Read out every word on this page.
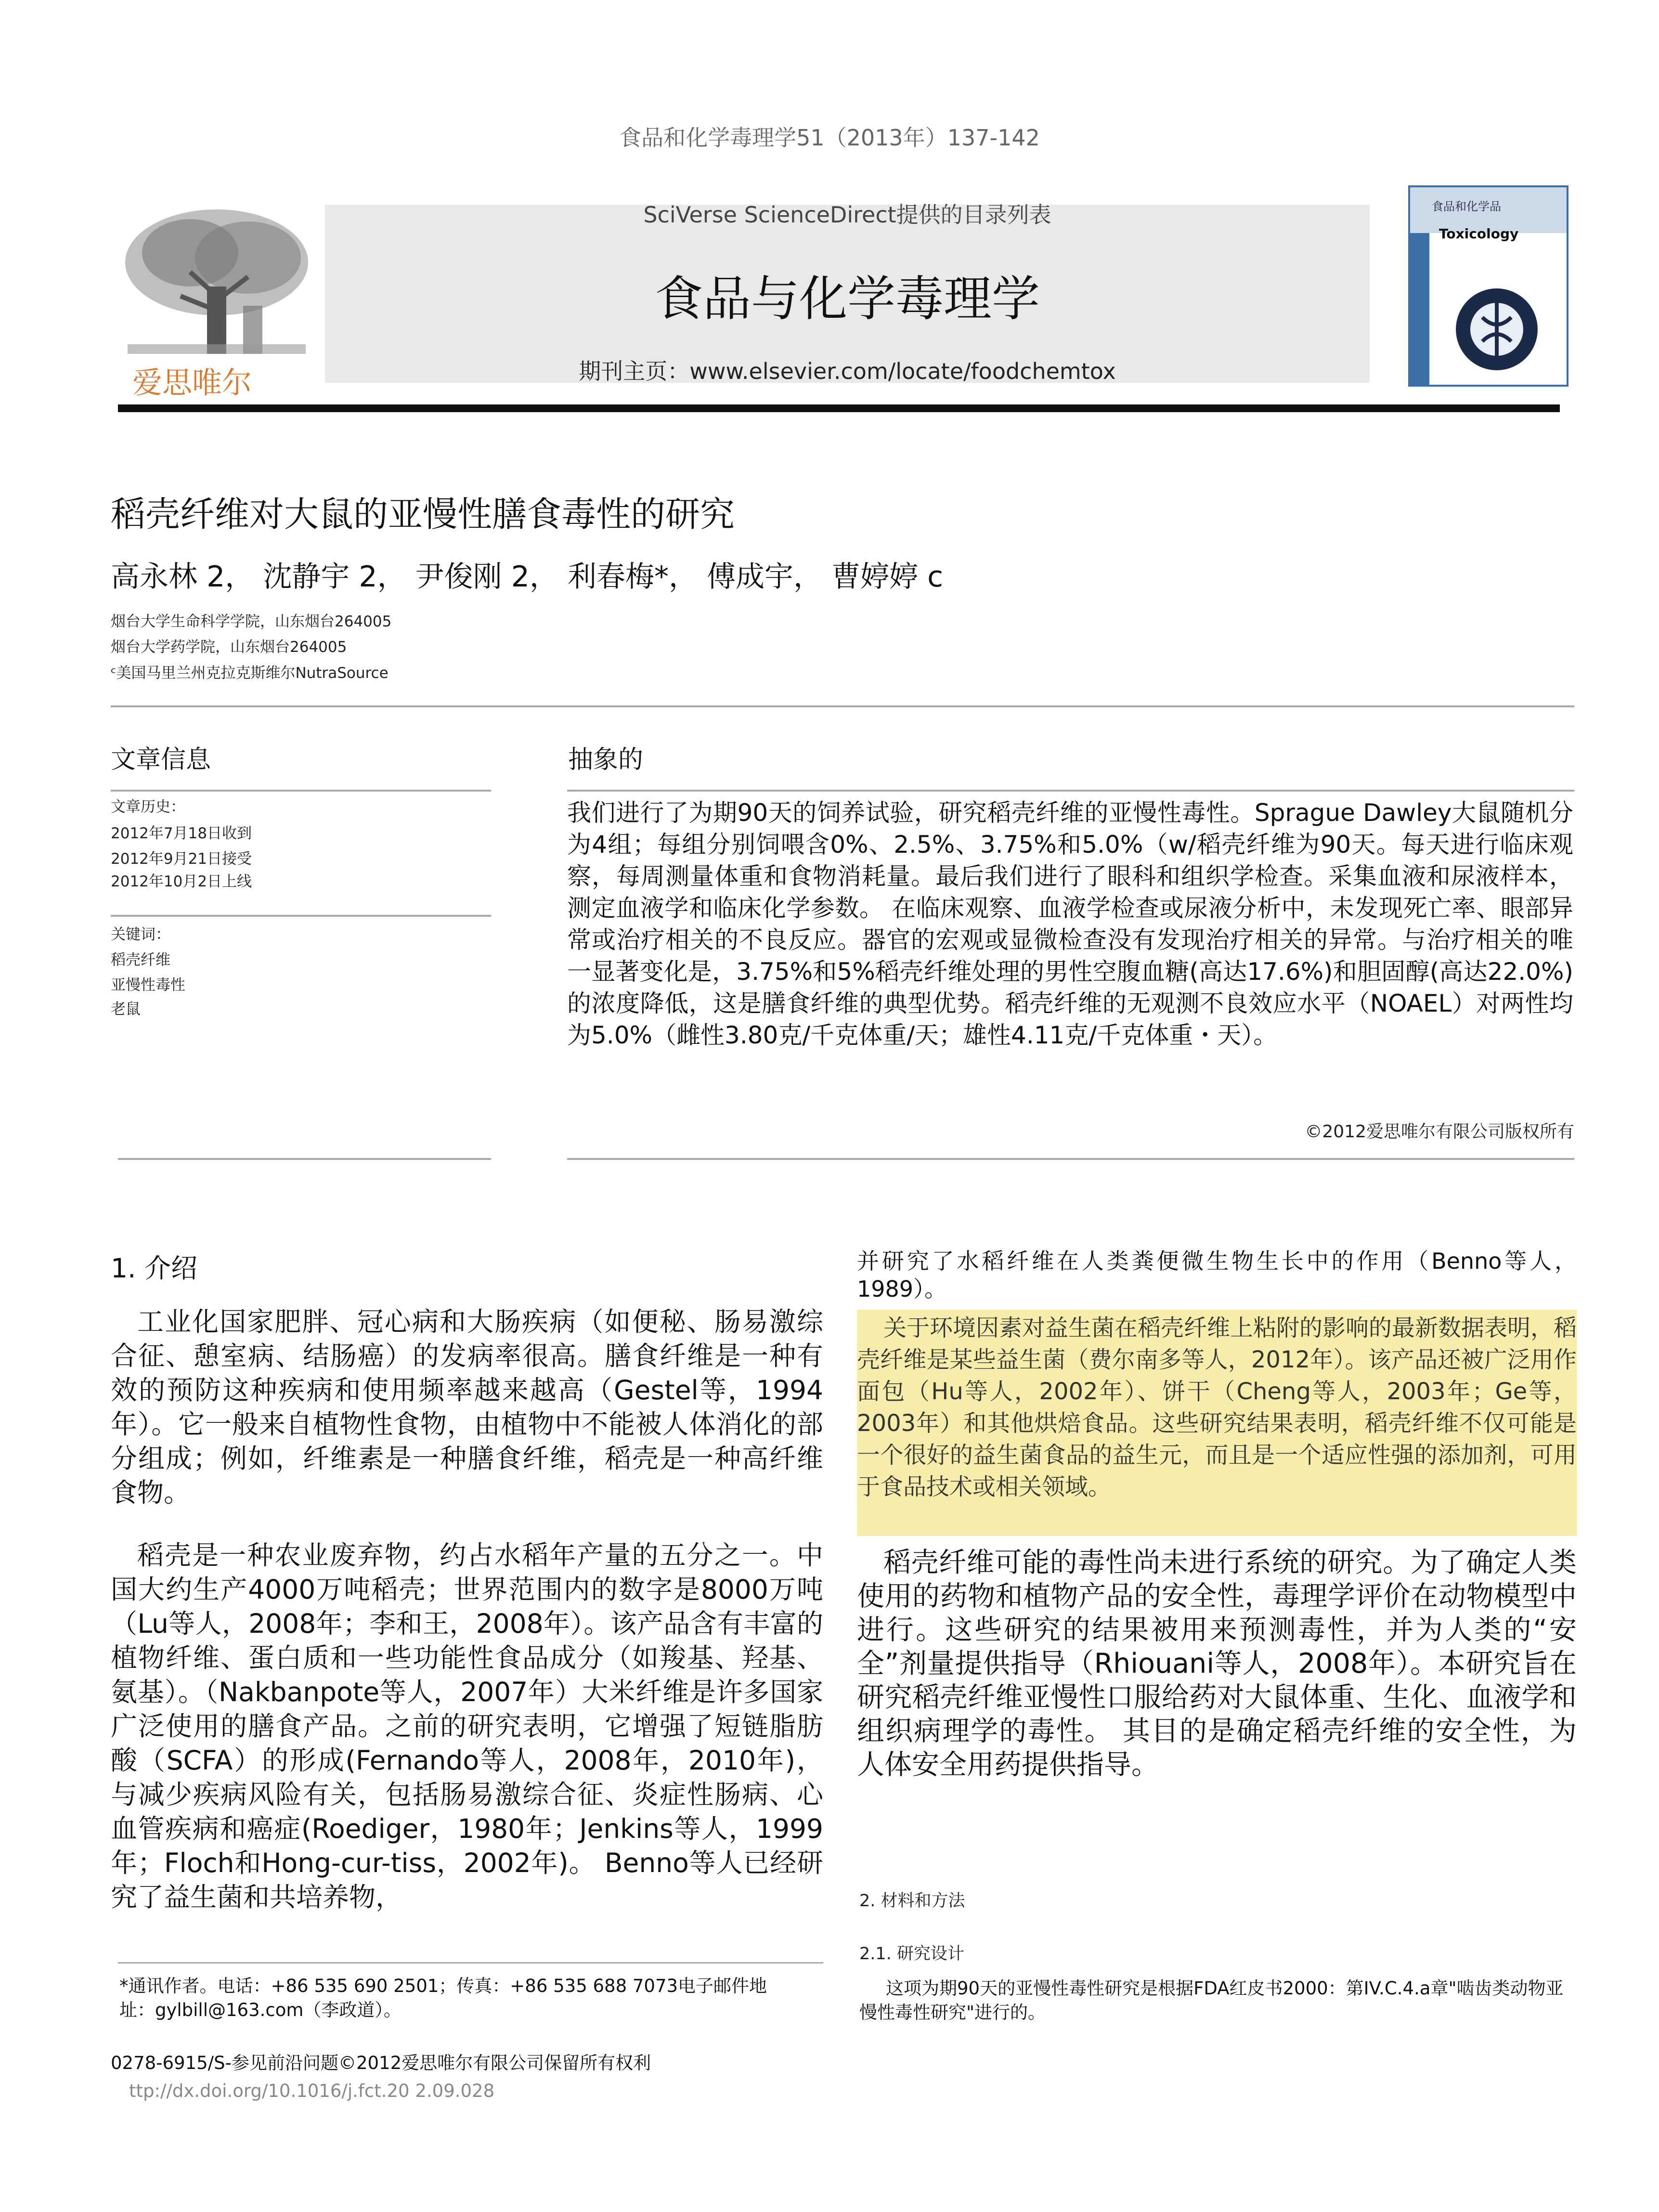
食品和化学毒理学51（2013年）137-142
爱思唯尔
SciVerse ScienceDirect提供的目录列表
食品与化学毒理学
期刊主页：www.elsevier.com/locate/foodchemtox
食品和化学品
Toxicology
稻壳纤维对大鼠的亚慢性膳食毒性的研究
高永林 2， 沈静宇 2， 尹俊刚 2， 利春梅*， 傅成宇， 曹婷婷 c
烟台大学生命科学学院，山东烟台264005
烟台大学药学院，山东烟台264005
ᶜ美国马里兰州克拉克斯维尔NutraSource
文章信息
文章历史：
2012年7月18日收到
2012年9月21日接受
2012年10月2日上线
关键词：
稻壳纤维
亚慢性毒性
老鼠
抽象的
我们进行了为期90天的饲养试验，研究稻壳纤维的亚慢性毒性。Sprague Dawley大鼠随机分为4组；每组分别饲喂含0%、2.5%、3.75%和5.0%（w/稻壳纤维为90天。每天进行临床观察，每周测量体重和食物消耗量。最后我们进行了眼科和组织学检查。采集血液和尿液样本，测定血液学和临床化学参数。 在临床观察、血液学检查或尿液分析中，未发现死亡率、眼部异常或治疗相关的不良反应。器官的宏观或显微检查没有发现治疗相关的异常。与治疗相关的唯一显著变化是，3.75%和5%稻壳纤维处理的男性空腹血糖(高达17.6%)和胆固醇(高达22.0%)的浓度降低，这是膳食纤维的典型优势。稻壳纤维的无观测不良效应水平（NOAEL）对两性均为5.0%（雌性3.80克/千克体重/天；雄性4.11克/千克体重・天）。
©2012爱思唯尔有限公司版权所有
1. 介绍
工业化国家肥胖、冠心病和大肠疾病（如便秘、肠易激综合征、憩室病、结肠癌）的发病率很高。膳食纤维是一种有效的预防这种疾病和使用频率越来越高（Gestel等，1994年）。它一般来自植物性食物，由植物中不能被人体消化的部分组成；例如，纤维素是一种膳食纤维，稻壳是一种高纤维食物。
稻壳是一种农业废弃物，约占水稻年产量的五分之一。中国大约生产4000万吨稻壳；世界范围内的数字是8000万吨（Lu等人，2008年；李和王，2008年）。该产品含有丰富的植物纤维、蛋白质和一些功能性食品成分（如羧基、羟基、氨基）。（Nakbanpote等人，2007年）大米纤维是许多国家广泛使用的膳食产品。之前的研究表明，它增强了短链脂肪酸（SCFA）的形成(Fernando等人，2008年，2010年)，与减少疾病风险有关，包括肠易激综合征、炎症性肠病、心血管疾病和癌症(Roediger，1980年；Jenkins等人，1999年；Floch和Hong-cur-tiss，2002年)。 Benno等人已经研究了益生菌和共培养物，
并研究了水稻纤维在人类粪便微生物生长中的作用（Benno等人，1989）。
关于环境因素对益生菌在稻壳纤维上粘附的影响的最新数据表明，稻壳纤维是某些益生菌（费尔南多等人，2012年）。该产品还被广泛用作面包（Hu等人，2002年）、饼干（Cheng等人，2003年；Ge等，2003年）和其他烘焙食品。这些研究结果表明，稻壳纤维不仅可能是一个很好的益生菌食品的益生元，而且是一个适应性强的添加剂，可用于食品技术或相关领域。
稻壳纤维可能的毒性尚未进行系统的研究。为了确定人类使用的药物和植物产品的安全性，毒理学评价在动物模型中进行。这些研究的结果被用来预测毒性，并为人类的“安全”剂量提供指导（Rhiouani等人，2008年）。本研究旨在研究稻壳纤维亚慢性口服给药对大鼠体重、生化、血液学和组织病理学的毒性。 其目的是确定稻壳纤维的安全性，为人体安全用药提供指导。
2. 材料和方法
2.1. 研究设计
这项为期90天的亚慢性毒性研究是根据FDA红皮书2000：第IV.C.4.a章"啮齿类动物亚慢性毒性研究"进行的。
*通讯作者。电话：+86 535 690 2501；传真：+86 535 688 7073电子邮件地址：gylbill@163.com（李政道）。
0278-6915/S-参见前沿问题©2012爱思唯尔有限公司保留所有权利
ttp://dx.doi.org/10.1016/j.fct.20 2.09.028
